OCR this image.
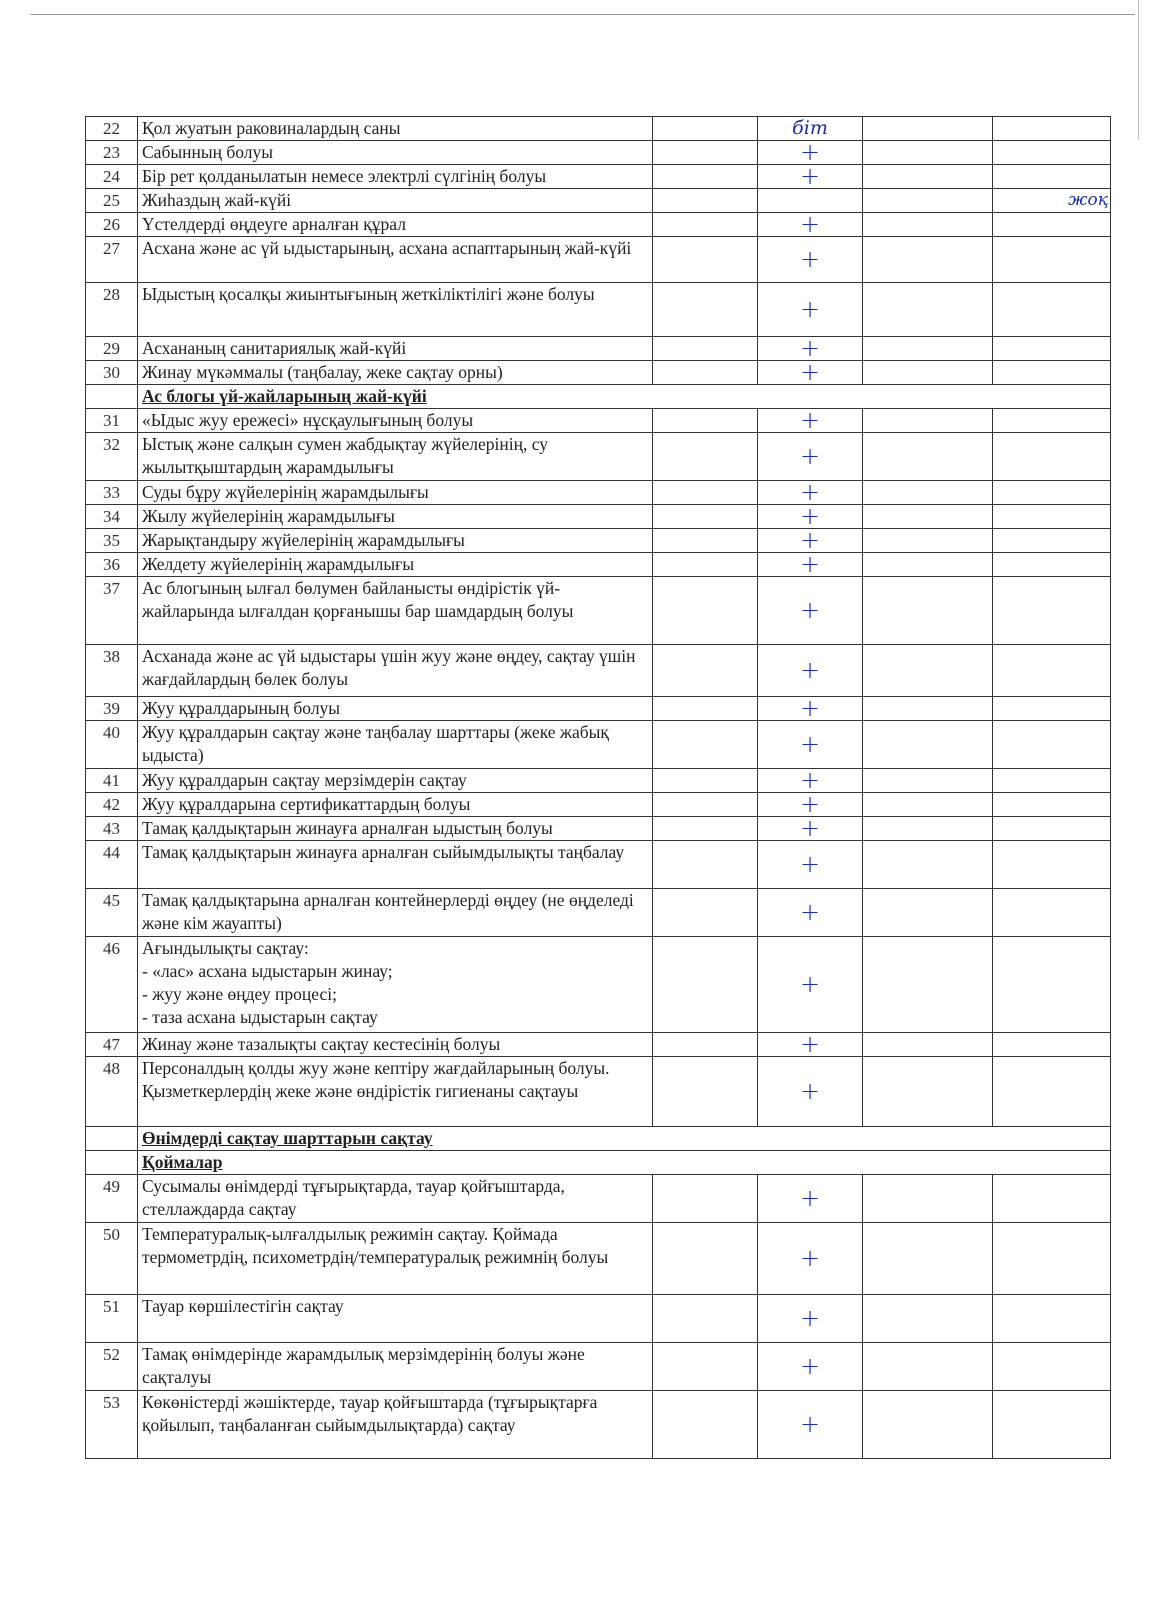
22	Қол жуатын раковиналардың саны		біт		
23	Сабынның болуы		+		
24	Бір рет қолданылатын немесе электрлі сүлгінің болуы		+		
25	Жиһаздың жай-күйі				жоқ
26	Үстелдерді өңдеуге арналған құрал		+		
27	Асхана және ас үй ыдыстарының, асхана аспаптарының жай-күйі		+		
28	Ыдыстың қосалқы жиынтығының жеткіліктілігі және болуы		+		
29	Асхананың санитариялық жай-күйі		+		
30	Жинау мүкәммалы (таңбалау, жеке сақтау орны)		+		
	Ас блогы үй-жайларының жай-күйі				
31	«Ыдыс жуу ережесі» нұсқаулығының болуы		+		
32	Ыстық және салқын сумен жабдықтау жүйелерінің, су жылытқыштардың жарамдылығы		+		
33	Суды бұру жүйелерінің жарамдылығы		+		
34	Жылу жүйелерінің жарамдылығы		+		
35	Жарықтандыру жүйелерінің жарамдылығы		+		
36	Желдету жүйелерінің жарамдылығы		+		
37	Ас блогының ылғал бөлумен байланысты өндірістік үй-жайларында ылғалдан қорғанышы бар шамдардың болуы		+		
38	Асханада және ас үй ыдыстары үшін жуу және өңдеу, сақтау үшін жағдайлардың бөлек болуы		+		
39	Жуу құралдарының болуы		+		
40	Жуу құралдарын сақтау және таңбалау шарттары (жеке жабық ыдыста)		+		
41	Жуу құралдарын сақтау мерзімдерін сақтау		+		
42	Жуу құралдарына сертификаттардың болуы		+		
43	Тамақ қалдықтарын жинауға арналған ыдыстың болуы		+		
44	Тамақ қалдықтарын жинауға арналған сыйымдылықты таңбалау		+		
45	Тамақ қалдықтарына арналған контейнерлерді өңдеу (не өңделеді және кім жауапты)		+		
46	Ағындылықты сақтау:
- «лас» асхана ыдыстарын жинау;
- жуу және өңдеу процесі;
- таза асхана ыдыстарын сақтау		+		
47	Жинау және тазалықты сақтау кестесінің болуы		+		
48	Персоналдың қолды жуу және кептіру жағдайларының болуы. Қызметкерлердің жеке және өндірістік гигиенаны сақтауы		+		
	Өнімдерді сақтау шарттарын сақтау				
	Қоймалар				
49	Сусымалы өнімдерді тұғырықтарда, тауар қойғыштарда, стеллаждарда сақтау		+		
50	Температуралық-ылғалдылық режимін сақтау. Қоймада термометрдің, психометрдің/температуралық режимнің болуы		+		
51	Тауар көршілестігін сақтау		+		
52	Тамақ өнімдерінде жарамдылық мерзімдерінің болуы және сақталуы		+		
53	Көкөністерді жәшіктерде, тауар қойғыштарда (тұғырықтарға қойылып, таңбаланған сыйымдылықтарда) сақтау		+		
